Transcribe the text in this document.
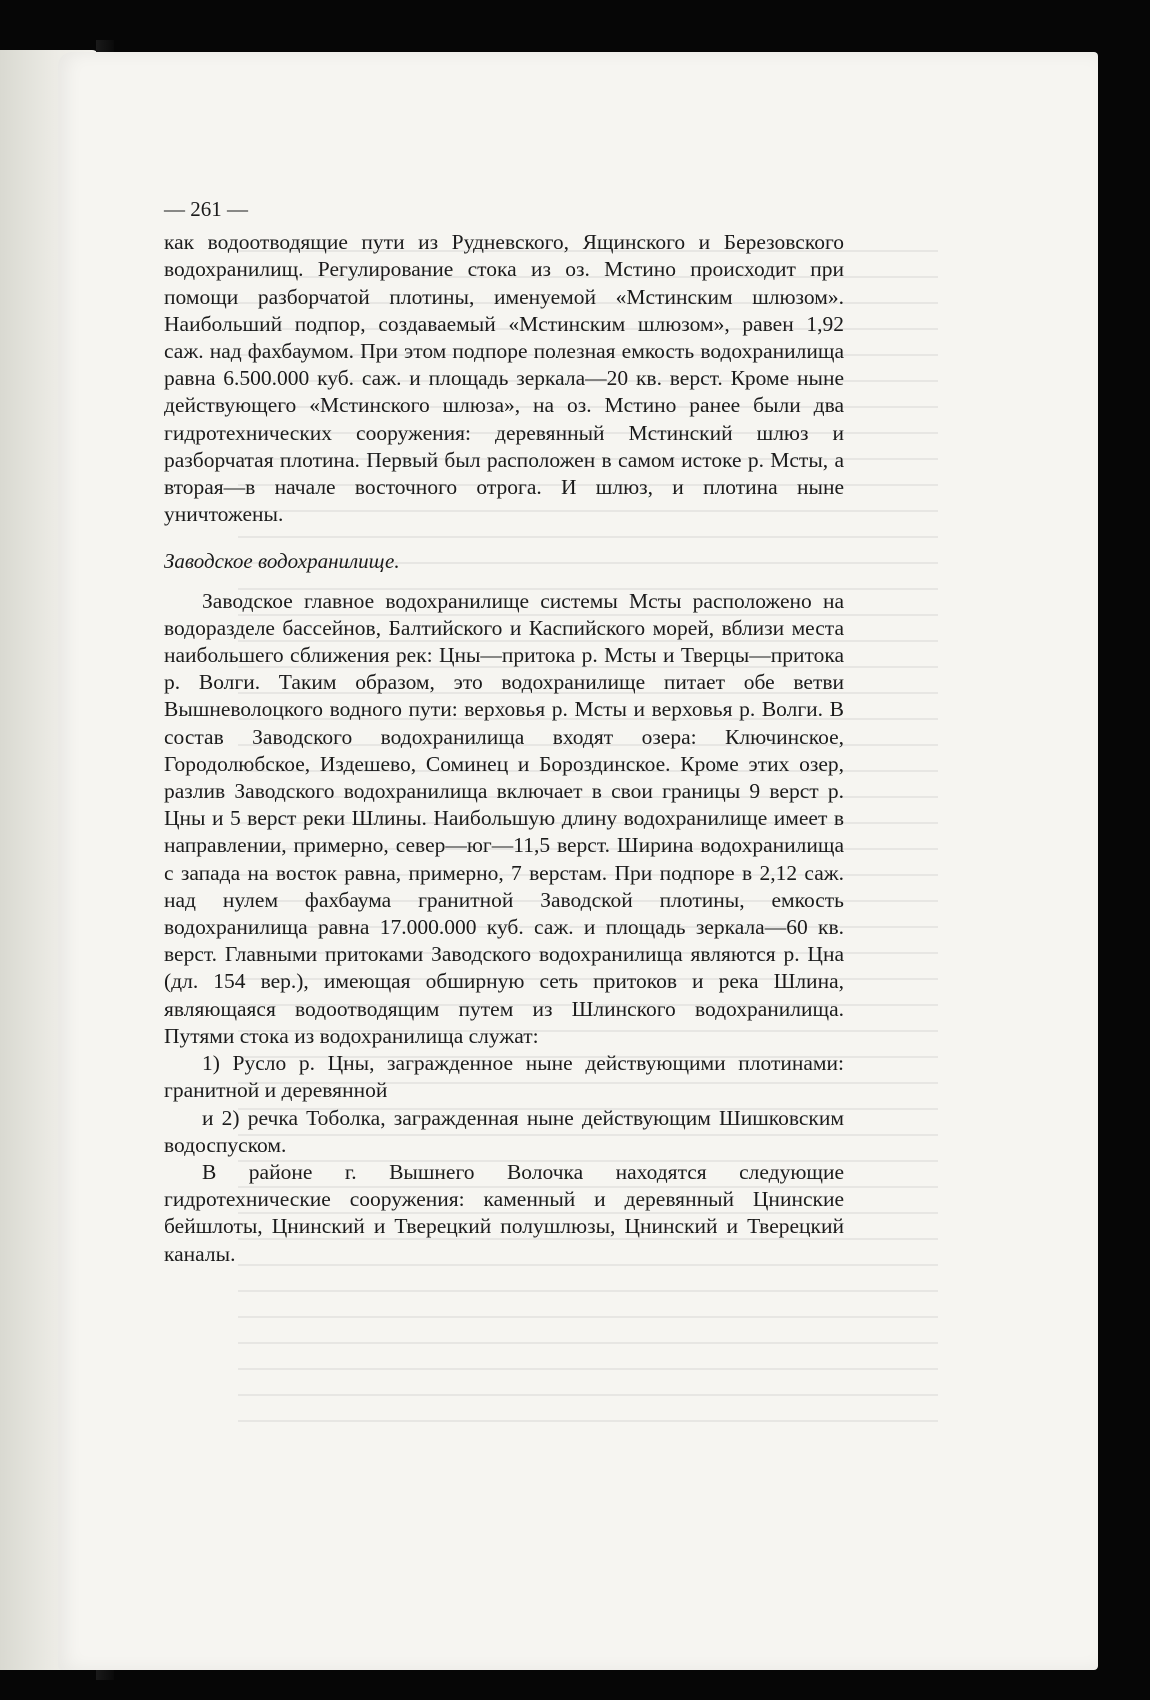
— 261 —

как водоотводящие пути из Рудневского, Ящинского и Березовского водохранилищ. Регулирование стока из оз. Мстино происходит при помощи разборчатой плотины, именуемой «Мстинским шлюзом». Наибольший подпор, создаваемый «Мстинским шлюзом», равен 1,92 саж. над фахбаумом. При этом подпоре полезная емкость водохранилища равна 6.500.000 куб. саж. и площадь зеркала—20 кв. верст. Кроме ныне действующего «Мстинского шлюза», на оз. Мстино ранее были два гидротехнических сооружения: деревянный Мстинский шлюз и разборчатая плотина. Первый был расположен в самом истоке р. Мсты, а вторая—в начале восточного отрога. И шлюз, и плотина ныне уничтожены.

Заводское водохранилище.

Заводское главное водохранилище системы Мсты расположено на водоразделе бассейнов, Балтийского и Каспийского морей, вблизи места наибольшего сближения рек: Цны—притока р. Мсты и Тверцы—притока р. Волги. Таким образом, это водохранилище питает обе ветви Вышневолоцкого водного пути: верховья р. Мсты и верховья р. Волги. В состав Заводского водохранилища входят озера: Ключинское, Городолюбское, Издешево, Соминец и Бороздинское. Кроме этих озер, разлив Заводского водохранилища включает в свои границы 9 верст р. Цны и 5 верст реки Шлины. Наибольшую длину водохранилище имеет в направлении, примерно, север—юг—11,5 верст. Ширина водохранилища с запада на восток равна, примерно, 7 верстам. При подпоре в 2,12 саж. над нулем фахбаума гранитной Заводской плотины, емкость водохранилища равна 17.000.000 куб. саж. и площадь зеркала—60 кв. верст. Главными притоками Заводского водохранилища являются р. Цна (дл. 154 вер.), имеющая обширную сеть притоков и река Шлина, являющаяся водоотводящим путем из Шлинского водохранилища. Путями стока из водохранилища служат:

1) Русло р. Цны, загражденное ныне действующими плотинами: гранитной и деревянной

и 2) речка Тоболка, загражденная ныне действующим Шишковским водоспуском.

В районе г. Вышнего Волочка находятся следующие гидротехнические сооружения: каменный и деревянный Цнинские бейшлоты, Цнинский и Тверецкий полушлюзы, Цнинский и Тверецкий каналы.
